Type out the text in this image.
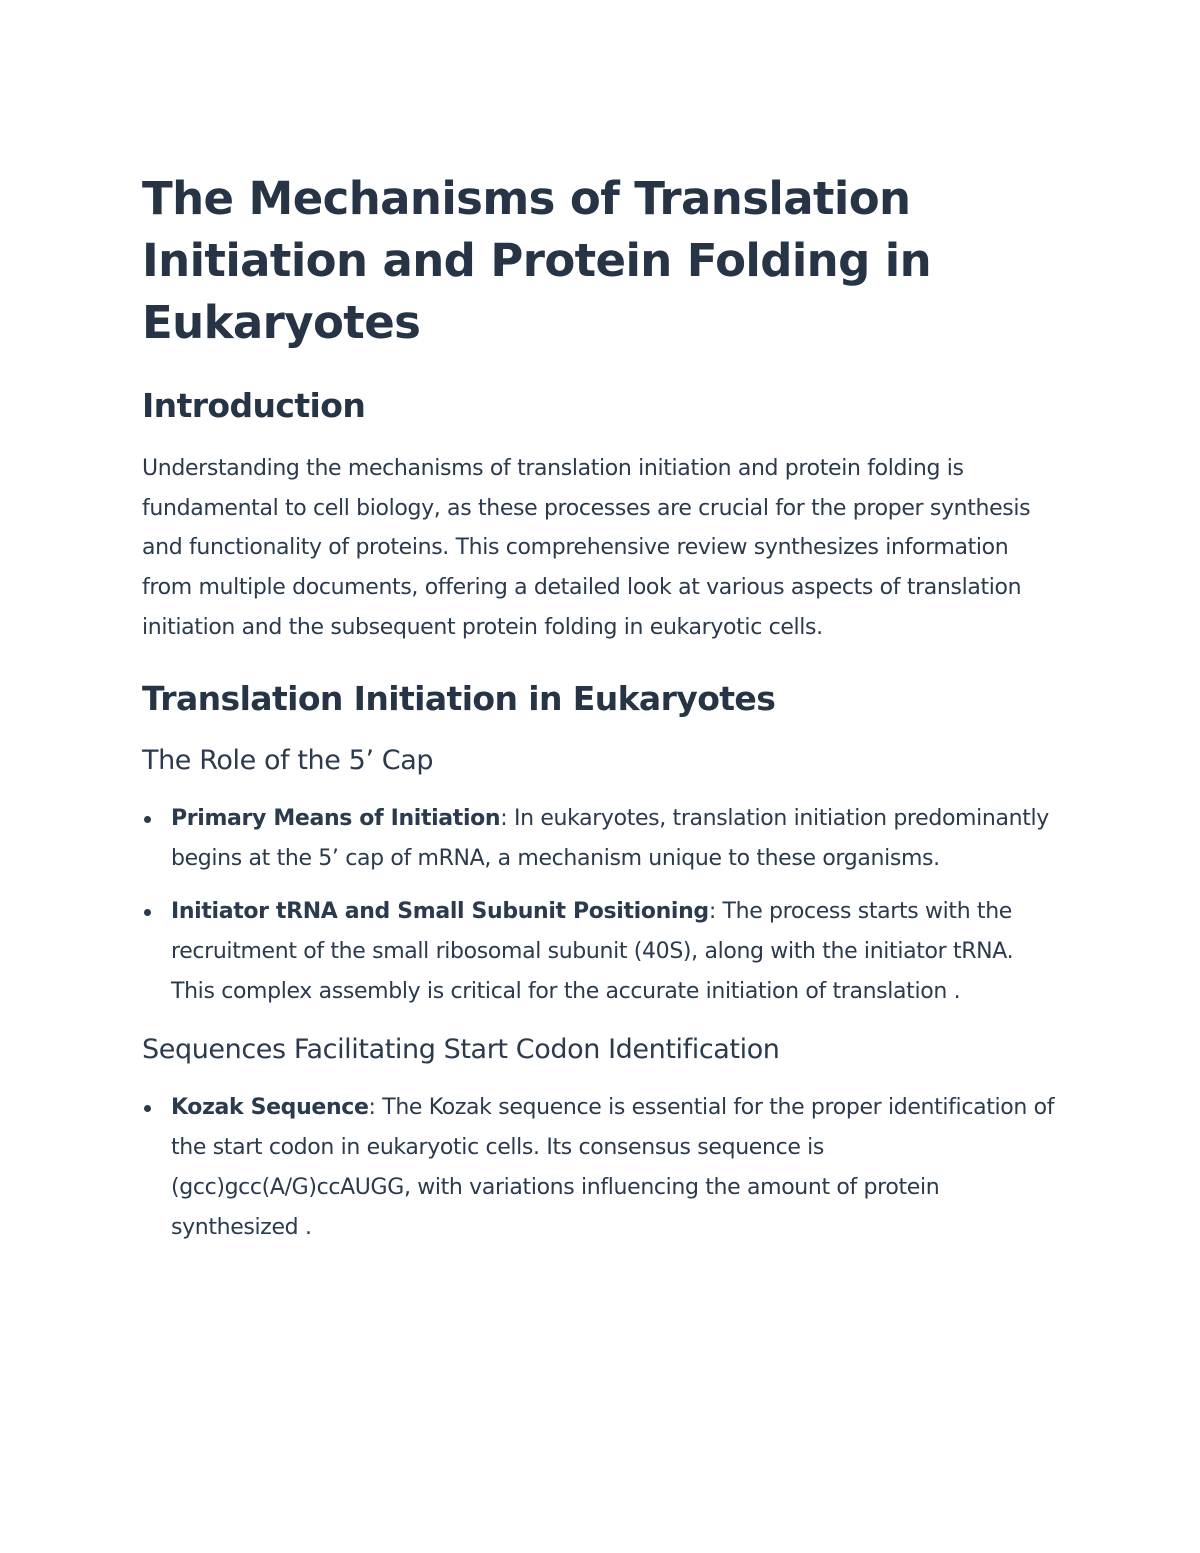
The Mechanisms of Translation Initiation and Protein Folding in Eukaryotes
Introduction

Understanding the mechanisms of translation initiation and protein folding is fundamental to cell biology, as these processes are crucial for the proper synthesis and functionality of proteins. This comprehensive review synthesizes information from multiple documents, offering a detailed look at various aspects of translation initiation and the subsequent protein folding in eukaryotic cells.

Translation Initiation in Eukaryotes
The Role of the 5’ Cap
Primary Means of Initiation: In eukaryotes, translation initiation predominantly begins at the 5’ cap of mRNA, a mechanism unique to these organisms.
Initiator tRNA and Small Subunit Positioning: The process starts with the recruitment of the small ribosomal subunit (40S), along with the initiator tRNA. This complex assembly is critical for the accurate initiation of translation .
Sequences Facilitating Start Codon Identification
Kozak Sequence: The Kozak sequence is essential for the proper identification of the start codon in eukaryotic cells. Its consensus sequence is (gcc)gcc(A/G)ccAUGG, with variations influencing the amount of protein synthesized .
